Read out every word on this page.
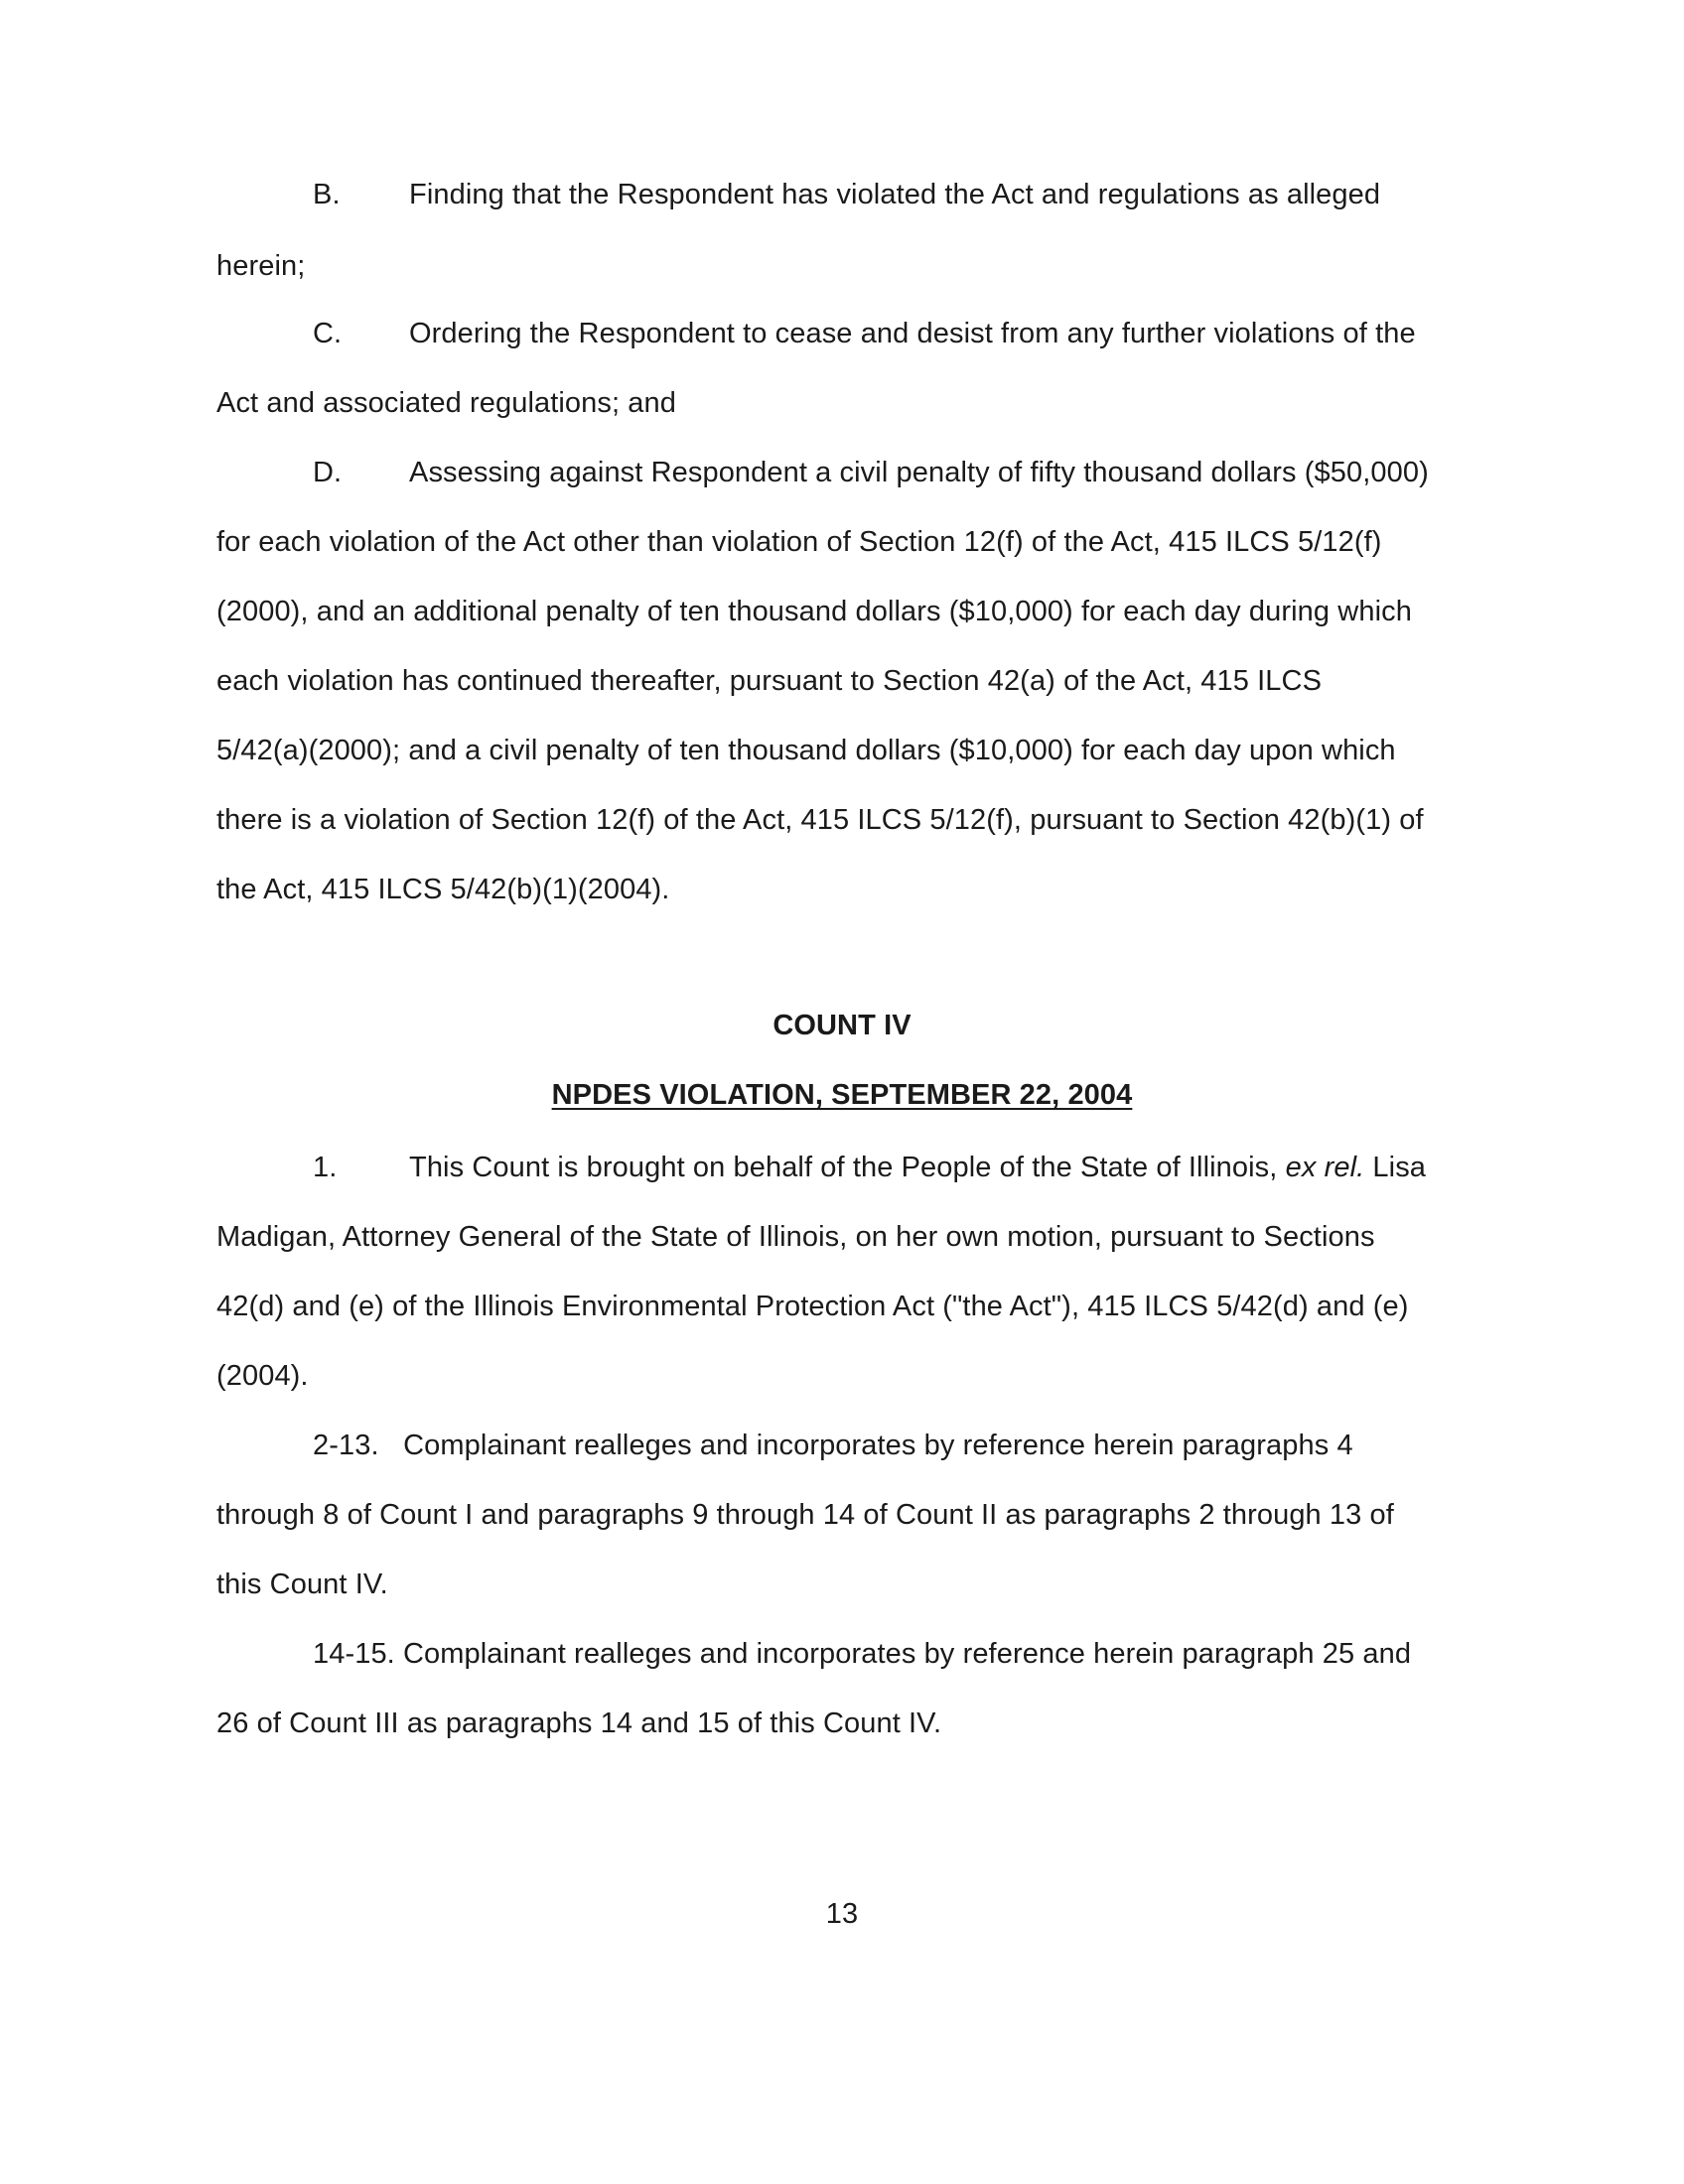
B. Finding that the Respondent has violated the Act and regulations as alleged
herein;
C. Ordering the Respondent to cease and desist from any further violations of the
Act and associated regulations; and
D. Assessing against Respondent a civil penalty of fifty thousand dollars ($50,000)
for each violation of the Act other than violation of Section 12(f) of the Act, 415 ILCS 5/12(f)
(2000), and an additional penalty of ten thousand dollars ($10,000) for each day during which
each violation has continued thereafter, pursuant to Section 42(a) of the Act, 415 ILCS
5/42(a)(2000); and a civil penalty of ten thousand dollars ($10,000) for each day upon which
there is a violation of Section 12(f) of the Act, 415 ILCS 5/12(f), pursuant to Section 42(b)(1) of
the Act, 415 ILCS 5/42(b)(1)(2004).
COUNT IV
NPDES VIOLATION, SEPTEMBER 22, 2004
1.	This Count is brought on behalf of the People of the State of Illinois, ex rel. Lisa
Madigan, Attorney General of the State of Illinois, on her own motion, pursuant to Sections
42(d) and (e) of the Illinois Environmental Protection Act ("the Act"), 415 ILCS 5/42(d) and (e)
(2004).
2-13.   Complainant realleges and incorporates by reference herein paragraphs 4
through 8 of Count I and paragraphs 9 through 14 of Count II as paragraphs 2 through 13 of
this Count IV.
14-15. Complainant realleges and incorporates by reference herein paragraph 25 and
26 of Count III as paragraphs 14 and 15 of this Count IV.
13
